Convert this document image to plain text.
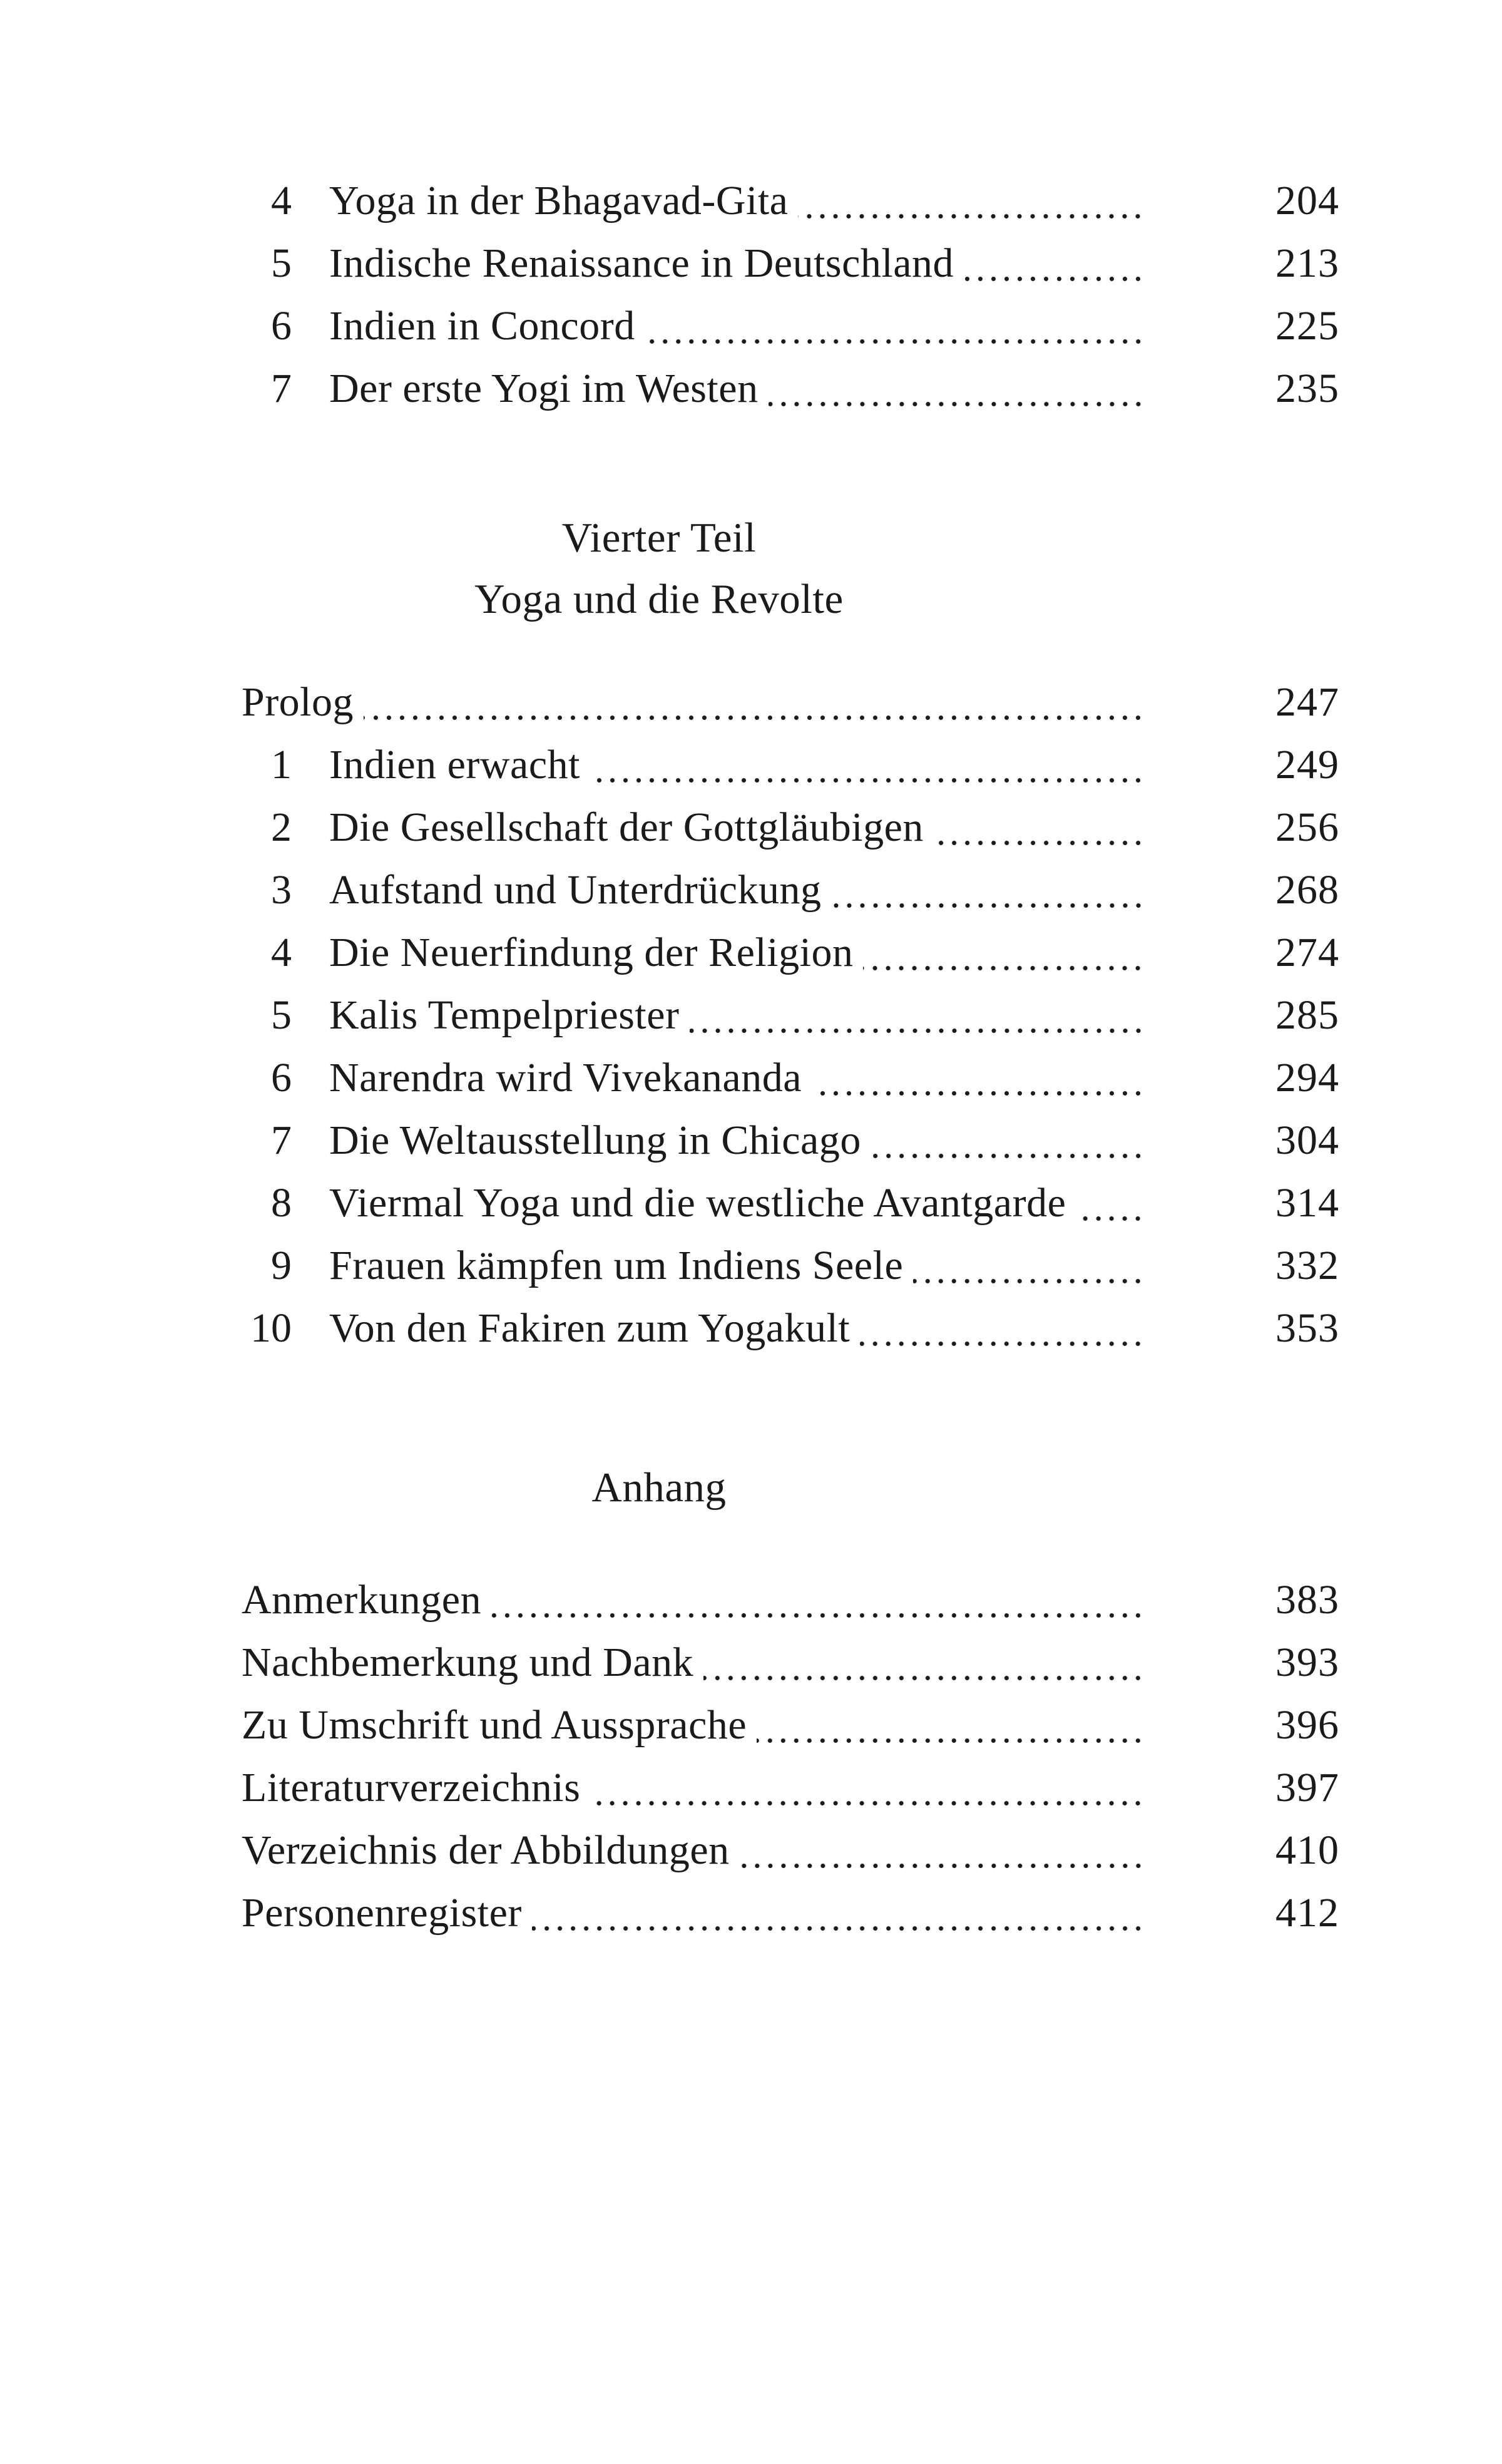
4 Yoga in der Bhagavad-Gita	204
5 Indische Renaissance in Deutschland	213
6 Indien in Concord	225
7 Der erste Yogi im Westen	235
Vierter Teil
Yoga und die Revolte
Prolog	247
1 Indien erwacht	249
2 Die Gesellschaft der Gottgläubigen	256
3 Aufstand und Unterdrückung	268
4 Die Neuerfindung der Religion	274
5 Kalis Tempelpriester	285
6 Narendra wird Vivekananda	294
7 Die Weltausstellung in Chicago	304
8 Viermal Yoga und die westliche Avantgarde	314
9 Frauen kämpfen um Indiens Seele	332
10 Von den Fakiren zum Yogakult	353
Anhang
Anmerkungen	383
Nachbemerkung und Dank	393
Zu Umschrift und Aussprache	396
Literaturverzeichnis	397
Verzeichnis der Abbildungen	410
Personenregister	412
